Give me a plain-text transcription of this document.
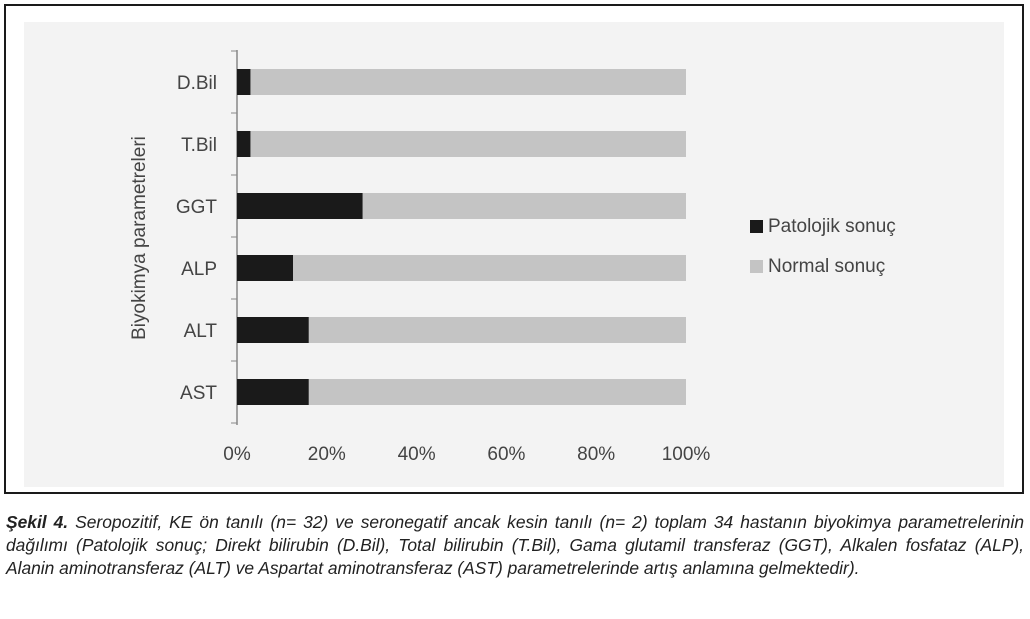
Biyokimya parametreleri
D.Bil
T.Bil
GGT
ALP
ALT
AST
0%	20%	40%	60%	80% 100%
Patolojik sonuç
Normal sonuç
Şekil 4. Seropozitif, KE ön tanılı (n= 32) ve seronegatif ancak kesin tanılı (n= 2) toplam 34 hastanın biyokimya parametrelerinin dağılımı (Patolojik sonuç; Direkt bilirubin (D.Bil), Total bilirubin (T.Bil), Gama glutamil transferaz (GGT), Alkalen fosfataz (ALP), Alanin aminotransferaz (ALT) ve Aspartat aminotransferaz (AST) parametrelerinde artış anlamına gelmektedir).
